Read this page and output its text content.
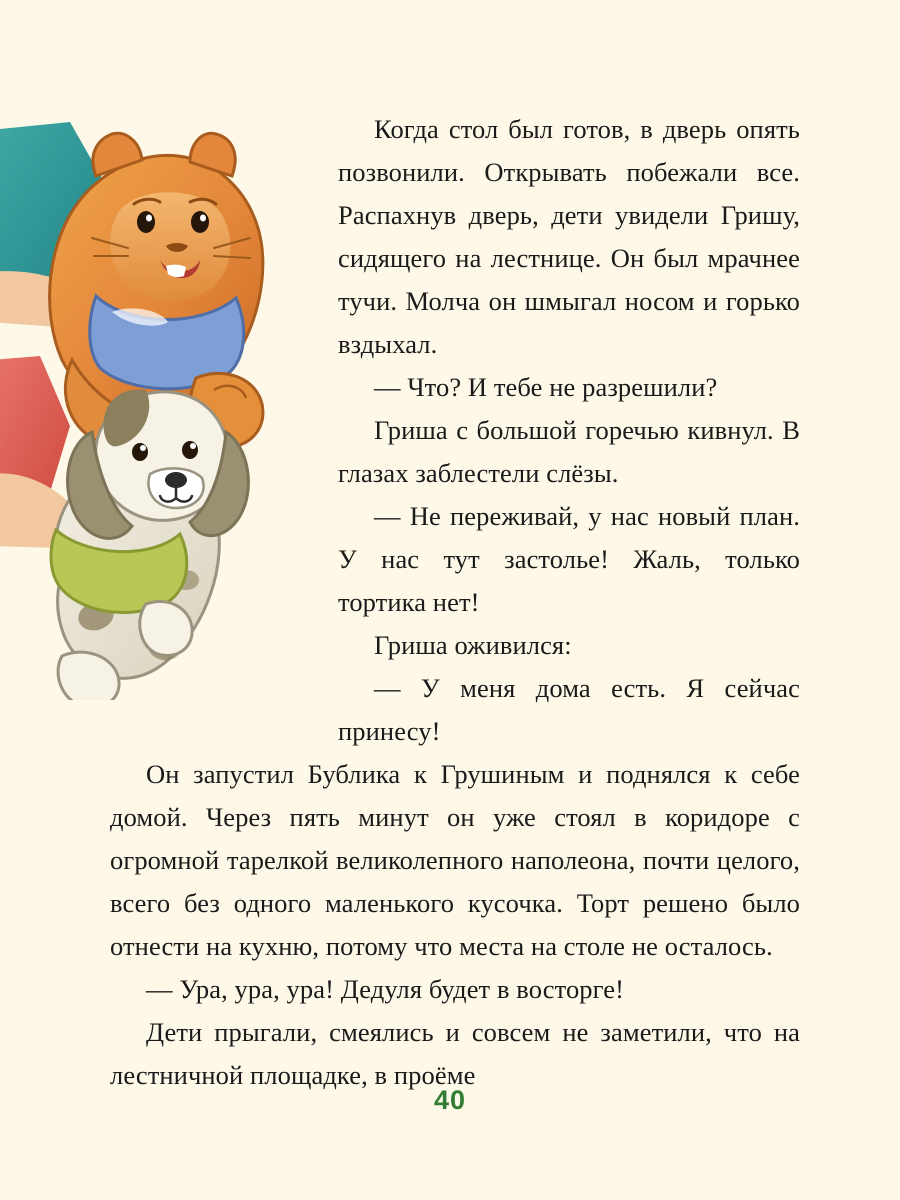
Когда стол был готов, в дверь опять позвонили. Открывать побежали все. Распахнув дверь, дети увидели Гришу, сидящего на лестнице. Он был мрачнее тучи. Молча он шмыгал носом и горько вздыхал.

— Что? И тебе не разрешили?

Гриша с большой горечью кивнул. В глазах заблестели слёзы.

— Не переживай, у нас новый план. У нас тут застолье! Жаль, только тортика нет!

Гриша оживился:

— У меня дома есть. Я сейчас принесу!

Он запустил Бублика к Грушиным и поднялся к себе домой. Через пять минут он уже стоял в коридоре с огромной тарелкой великолепного наполеона, почти целого, всего без одного маленького кусочка. Торт решено было отнести на кухню, потому что места на столе не осталось.

— Ура, ура, ура! Дедуля будет в восторге!

Дети прыгали, смеялись и совсем не заметили, что на лестничной площадке, в проёме

40
